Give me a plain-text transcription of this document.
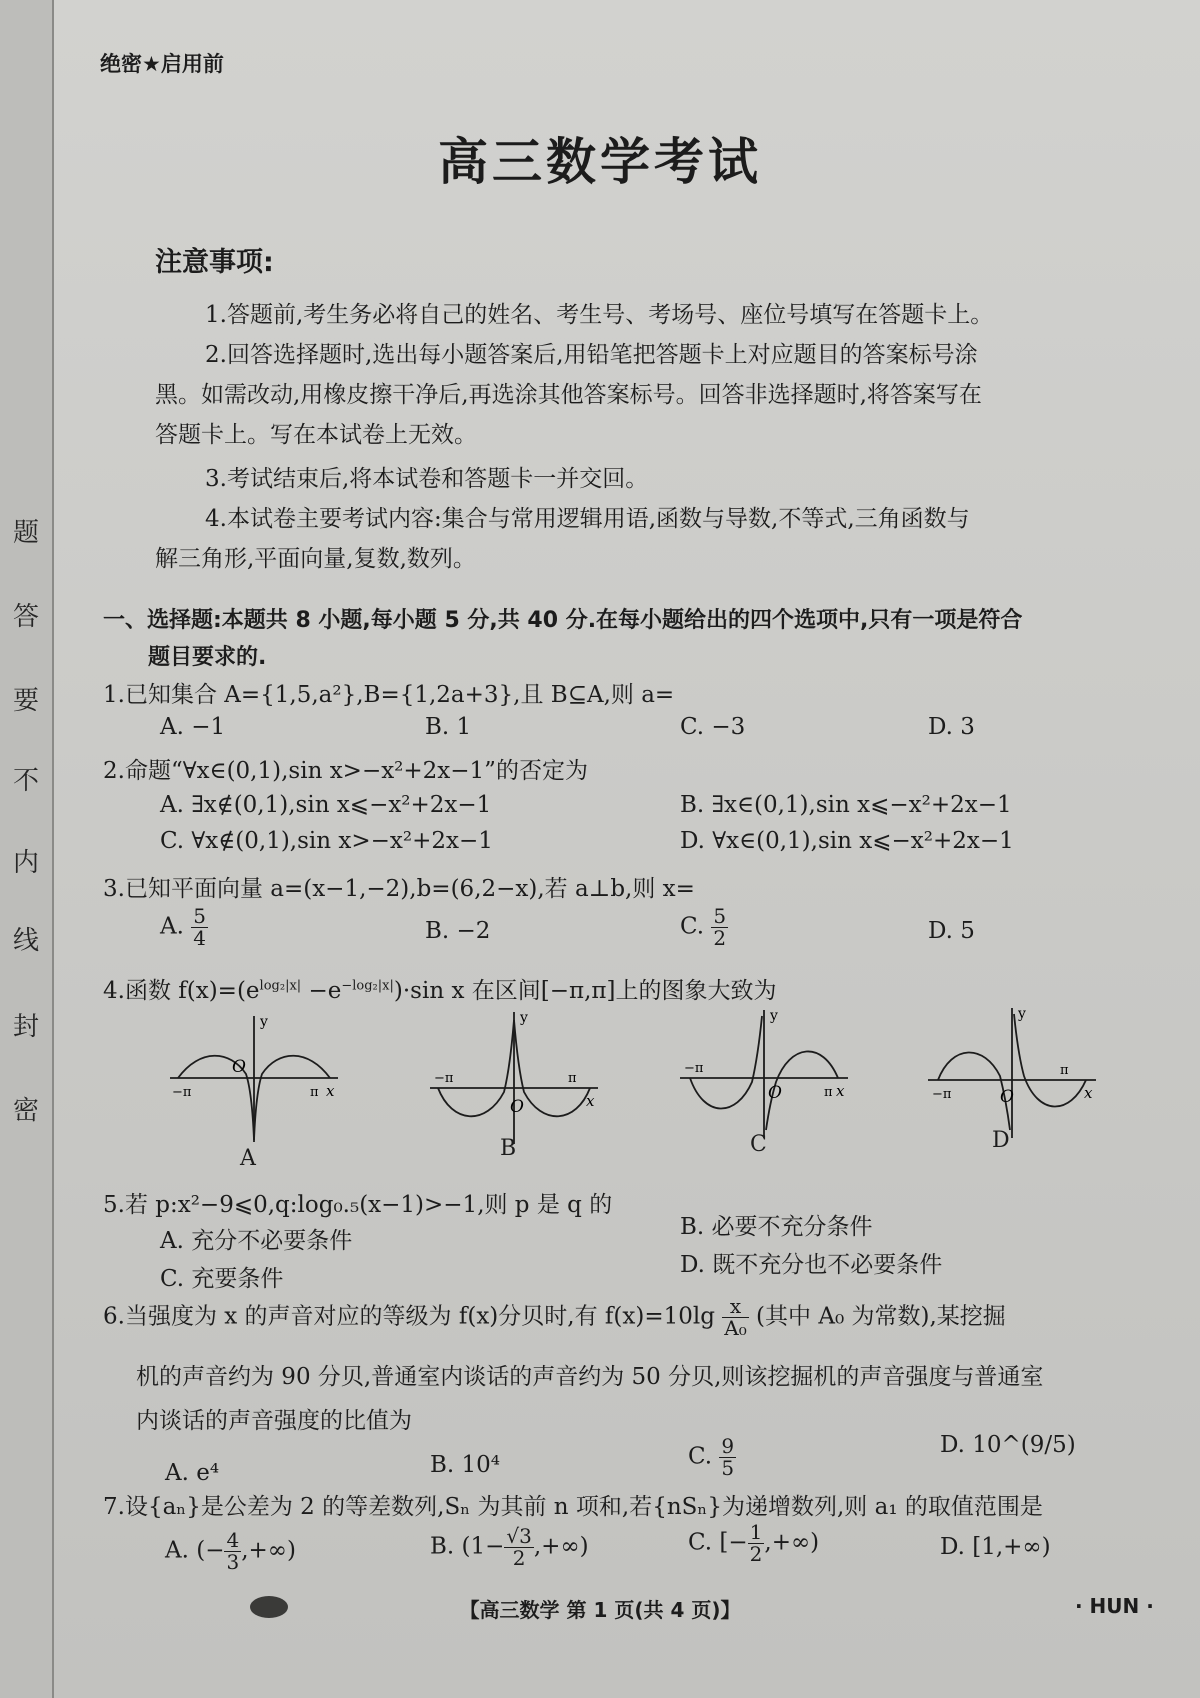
题
答
要
不
内
线
封
密
绝密★启用前
高三数学考试
注意事项:
1.答题前,考生务必将自己的姓名、考生号、考场号、座位号填写在答题卡上。
2.回答选择题时,选出每小题答案后,用铅笔把答题卡上对应题目的答案标号涂
黑。如需改动,用橡皮擦干净后,再选涂其他答案标号。回答非选择题时,将答案写在
答题卡上。写在本试卷上无效。
3.考试结束后,将本试卷和答题卡一并交回。
4.本试卷主要考试内容:集合与常用逻辑用语,函数与导数,不等式,三角函数与
解三角形,平面向量,复数,数列。
一、选择题:本题共 8 小题,每小题 5 分,共 40 分.在每小题给出的四个选项中,只有一项是符合
题目要求的.
1.已知集合 A={1,5,a²},B={1,2a+3},且 B⊆A,则 a=
A. −1	B. 1	C. −3	D. 3
2.命题“∀x∈(0,1),sin x>−x²+2x−1”的否定为
A. ∃x∉(0,1),sin x⩽−x²+2x−1	B. ∃x∈(0,1),sin x⩽−x²+2x−1
C. ∀x∉(0,1),sin x>−x²+2x−1	D. ∀x∈(0,1),sin x⩽−x²+2x−1
3.已知平面向量 a=(x−1,−2),b=(6,2−x),若 a⊥b,则 x=
A. $\frac{5}{4}$	B. −2	C. $\frac{5}{2}$	D. 5
4.函数 $f(x)=(e^{log_2|x|} -e^{-log_2|x|})\cdot\sin$ x 在区间[−π,π]上的图象大致为
y
x
O
−π	π
A
y
x
O
−π	π
B
y
x
O
−π
π
C
y
x
O
−π
π
D
5.若 p:x²−9⩽0,q:log₀.₅(x−1)>−1,则 p 是 q 的
A. 充分不必要条件
B. 必要不充分条件
C. 充要条件
D. 既不充分也不必要条件
6.当强度为 x 的声音对应的等级为 f(x)分贝时,有 $f(x)=10\lg \frac{x}{\text{A₀}}$ (其中 A₀ 为常数),某挖掘
机的声音约为 90 分贝,普通室内谈话的声音约为 50 分贝,则该挖掘机的声音强度与普通室
内谈话的声音强度的比值为
A. e⁴	B. 10⁴	C. $\frac{9}{5}$	D. 10^(9/5)
7.设{aₙ}是公差为 2 的等差数列,Sₙ 为其前 n 项和,若{nSₙ}为递增数列,则 a₁ 的取值范围是
A. (− $\frac{4}{3}$ ,+∞)	B. ($1- \frac{√3}{2}$ ,+∞)	C. [− $\frac{1}{2}$ ,+∞)	D. [1,+∞)
【高三数学 第 1 页(共 4 页)】	· HUN ·
